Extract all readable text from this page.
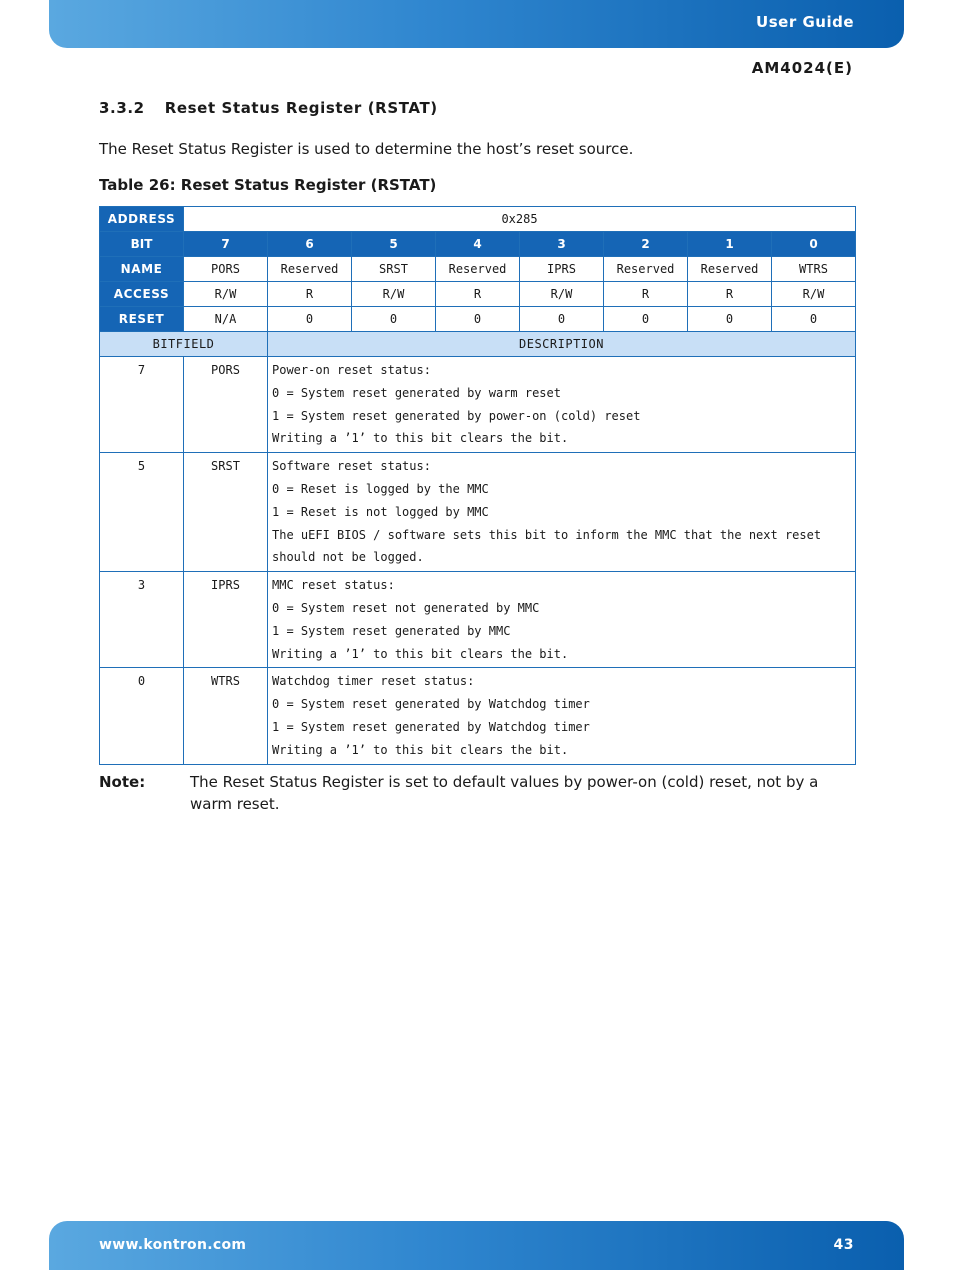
User Guide
AM4024(E)
3.3.2 Reset Status Register (RSTAT)
The Reset Status Register is used to determine the host’s reset source.
Table 26: Reset Status Register (RSTAT)
ADDRESS	0x285							
BIT	7	6	5	4	3	2	1	0
NAME	PORS	Reserved	SRST	Reserved	IPRS	Reserved	Reserved	WTRS
ACCESS	R/W	R	R/W	R	R/W	R	R	R/W
RESET	N/A	0	0	0	0	0	0	0
BITFIELD		DESCRIPTION						
7	PORS	Power-on reset status:
0 = System reset generated by warm reset
1 = System reset generated by power-on (cold) reset
Writing a ’1’ to this bit clears the bit.						

5	SRST	Software reset status:
0 = Reset is logged by the MMC
1 = Reset is not logged by MMC
The uEFI BIOS / software sets this bit to inform the MMC that the next reset should not be logged.						

3	IPRS	MMC reset status:
0 = System reset not generated by MMC
1 = System reset generated by MMC
Writing a ’1’ to this bit clears the bit.						

0	WTRS	Watchdog timer reset status:
0 = System reset generated by Watchdog timer
1 = System reset generated by Watchdog timer
Writing a ’1’ to this bit clears the bit.						
Note:	The Reset Status Register is set to default values by power-on (cold) reset, not by a warm reset.
www.kontron.com	43
